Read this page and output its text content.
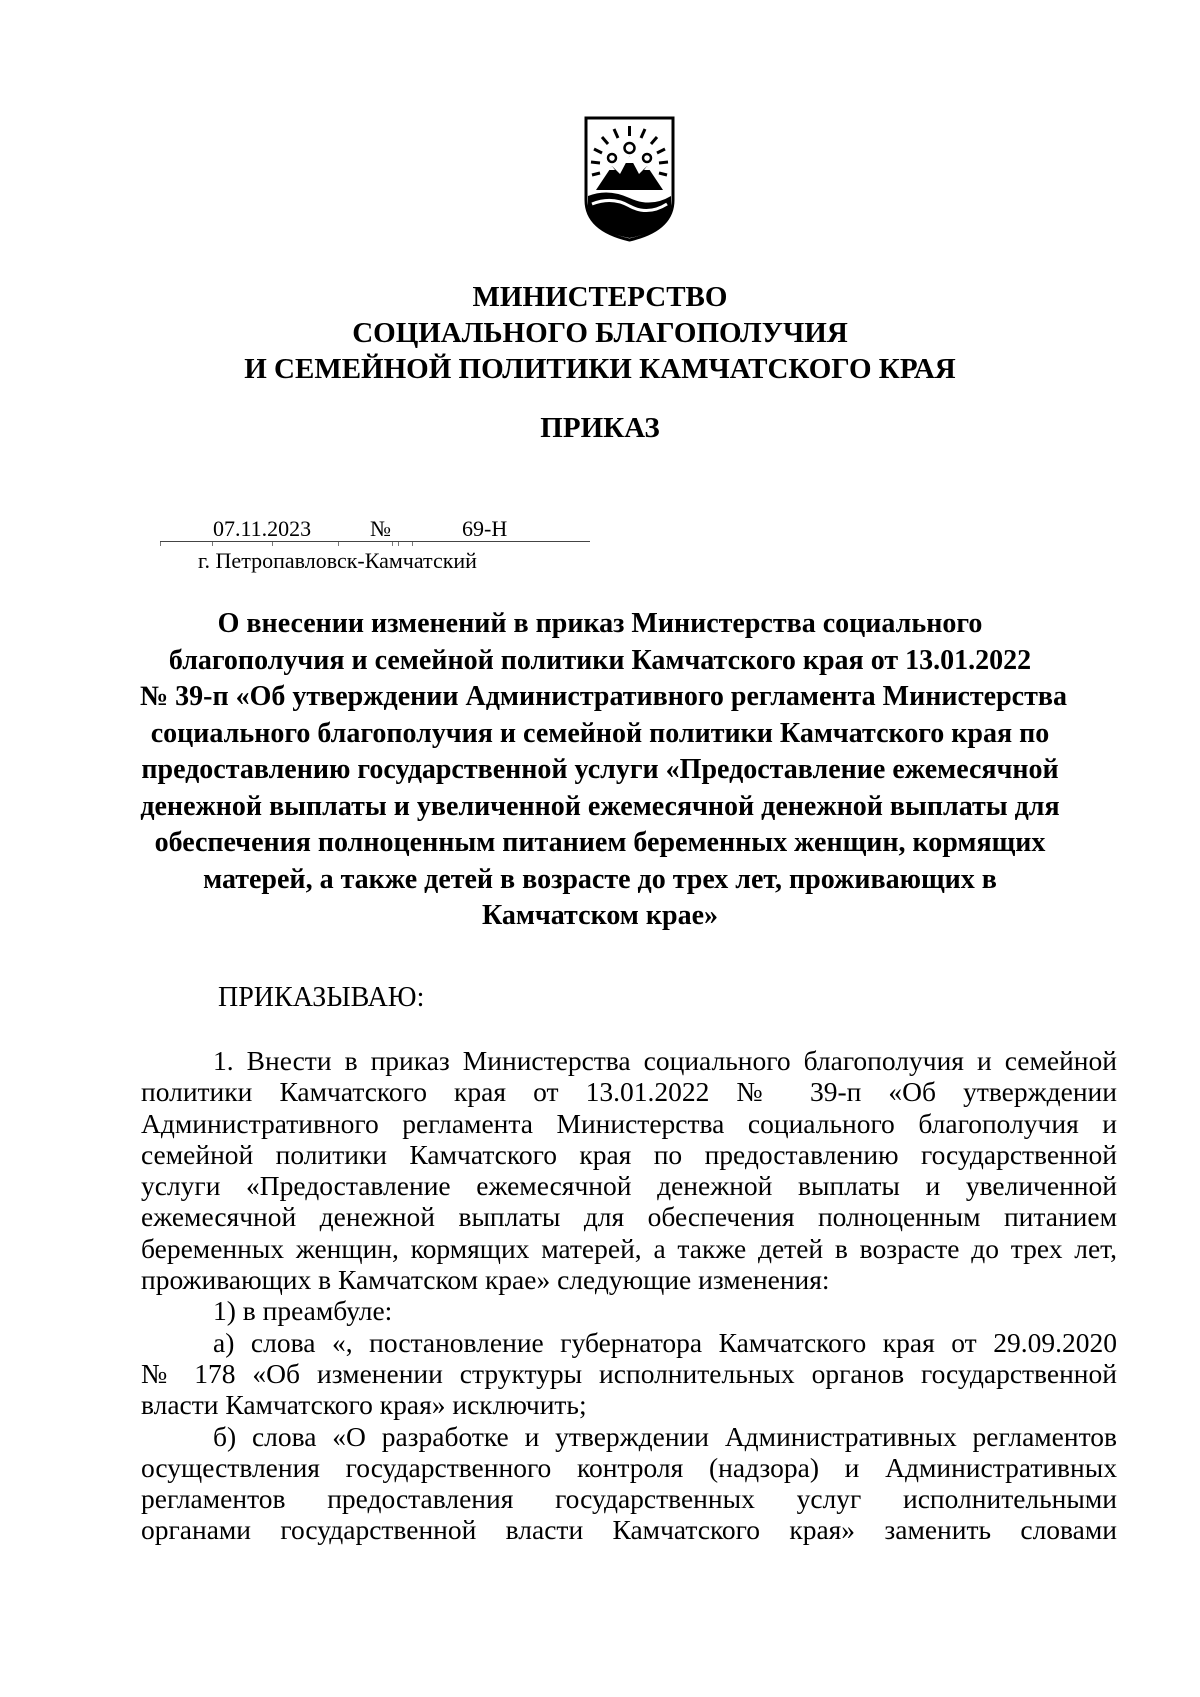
МИНИСТЕРСТВО
СОЦИАЛЬНОГО БЛАГОПОЛУЧИЯ
И СЕМЕЙНОЙ ПОЛИТИКИ КАМЧАТСКОГО КРАЯ
ПРИКАЗ
07.11.2023	№	69-Н
г. Петропавловск-Камчатский
О внесении изменений в приказ Министерства социального
благополучия и семейной политики Камчатского края от 13.01.2022
№ 39-п «Об утверждении Административного регламента Министерства
социального благополучия и семейной политики Камчатского края по
предоставлению государственной услуги «Предоставление ежемесячной
денежной выплаты и увеличенной ежемесячной денежной выплаты для
обеспечения полноценным питанием беременных женщин, кормящих
матерей, а также детей в возрасте до трех лет, проживающих в
Камчатском крае»
ПРИКАЗЫВАЮ:
1. Внести в приказ Министерства социального благополучия и семейной
политики Камчатского края от 13.01.2022 № 39-п «Об утверждении
Административного регламента Министерства социального благополучия и
семейной политики Камчатского края по предоставлению государственной
услуги «Предоставление ежемесячной денежной выплаты и увеличенной
ежемесячной денежной выплаты для обеспечения полноценным питанием
беременных женщин, кормящих матерей, а также детей в возрасте до трех лет,
проживающих в Камчатском крае» следующие изменения:
1) в преамбуле:
а) слова «, постановление губернатора Камчатского края от 29.09.2020
№ 178 «Об изменении структуры исполнительных органов государственной
власти Камчатского края» исключить;
б) слова «О разработке и утверждении Административных регламентов
осуществления государственного контроля (надзора) и Административных
регламентов предоставления государственных услуг исполнительными
органами государственной власти Камчатского края» заменить словами
